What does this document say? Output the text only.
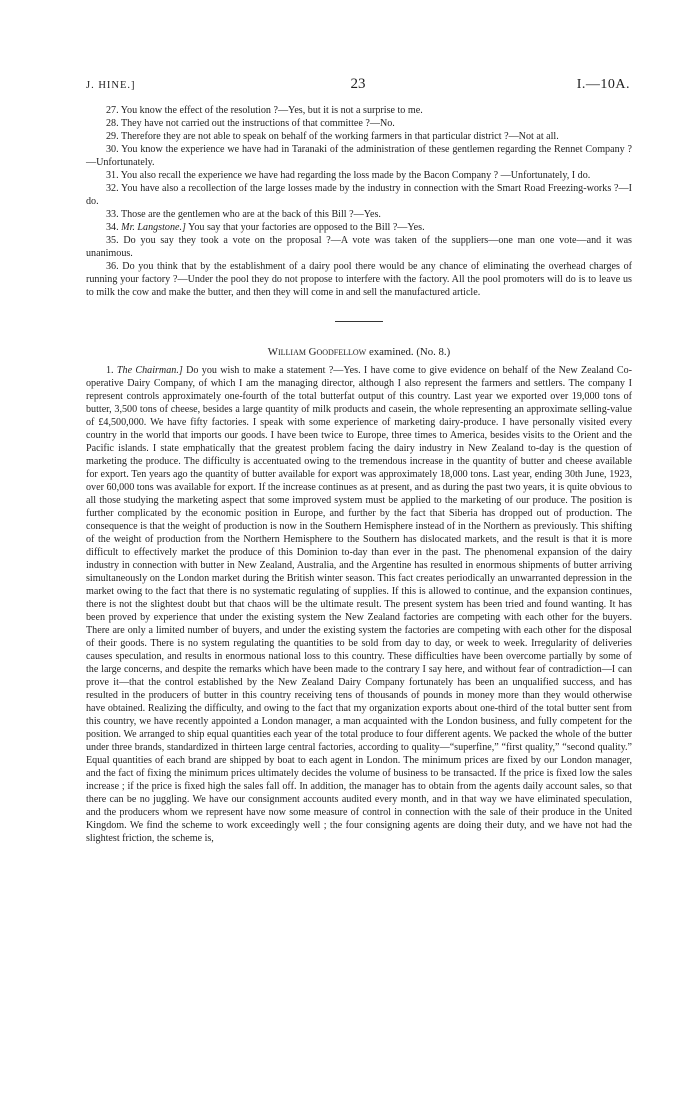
J. HINE.]	23	I.—10A.

27. You know the effect of the resolution ?—Yes, but it is not a surprise to me.

28. They have not carried out the instructions of that committee ?—No.

29. Therefore they are not able to speak on behalf of the working farmers in that particular district ?—Not at all.

30. You know the experience we have had in Taranaki of the administration of these gentlemen regarding the Rennet Company ?—Unfortunately.

31. You also recall the experience we have had regarding the loss made by the Bacon Company ? —Unfortunately, I do.

32. You have also a recollection of the large losses made by the industry in connection with the Smart Road Freezing-works ?—I do.

33. Those are the gentlemen who are at the back of this Bill ?—Yes.

34. Mr. Langstone.] You say that your factories are opposed to the Bill ?—Yes.

35. Do you say they took a vote on the proposal ?—A vote was taken of the suppliers—one man one vote—and it was unanimous.

36. Do you think that by the establishment of a dairy pool there would be any chance of eliminating the overhead charges of running your factory ?—Under the pool they do not propose to interfere with the factory. All the pool promoters will do is to leave us to milk the cow and make the butter, and then they will come in and sell the manufactured article.

William Goodfellow examined. (No. 8.)

1. The Chairman.] Do you wish to make a statement ?—Yes. I have come to give evidence on behalf of the New Zealand Co-operative Dairy Company, of which I am the managing director, although I also represent the farmers and settlers. The company I represent controls approximately one-fourth of the total butterfat output of this country. Last year we exported over 19,000 tons of butter, 3,500 tons of cheese, besides a large quantity of milk products and casein, the whole representing an approximate selling-value of £4,500,000. We have fifty factories. I speak with some experience of marketing dairy-produce. I have personally visited every country in the world that imports our goods. I have been twice to Europe, three times to America, besides visits to the Orient and the Pacific islands. I state emphatically that the greatest problem facing the dairy industry in New Zealand to-day is the question of marketing the produce. The difficulty is accentuated owing to the tremendous increase in the quantity of butter and cheese available for export. Ten years ago the quantity of butter available for export was approximately 18,000 tons. Last year, ending 30th June, 1923, over 60,000 tons was available for export. If the increase continues as at present, and as during the past two years, it is quite obvious to all those studying the marketing aspect that some improved system must be applied to the marketing of our produce. The position is further complicated by the economic position in Europe, and further by the fact that Siberia has dropped out of production. The consequence is that the weight of production is now in the Southern Hemisphere instead of in the Northern as previously. This shifting of the weight of production from the Northern Hemisphere to the Southern has dislocated markets, and the result is that it is more difficult to effectively market the produce of this Dominion to-day than ever in the past. The phenomenal expansion of the dairy industry in connection with butter in New Zealand, Australia, and the Argentine has resulted in enormous shipments of butter arriving simultaneously on the London market during the British winter season. This fact creates periodically an unwarranted depression in the market owing to the fact that there is no systematic regulating of supplies. If this is allowed to continue, and the expansion continues, there is not the slightest doubt but that chaos will be the ultimate result. The present system has been tried and found wanting. It has been proved by experience that under the existing system the New Zealand factories are competing with each other for the buyers. There are only a limited number of buyers, and under the existing system the factories are competing with each other for the disposal of their goods. There is no system regulating the quantities to be sold from day to day, or week to week. Irregularity of deliveries causes speculation, and results in enormous national loss to this country. These difficulties have been overcome partially by some of the large concerns, and despite the remarks which have been made to the contrary I say here, and without fear of contradiction—I can prove it—that the control established by the New Zealand Dairy Company fortunately has been an unqualified success, and has resulted in the producers of butter in this country receiving tens of thousands of pounds in money more than they would otherwise have obtained. Realizing the difficulty, and owing to the fact that my organization exports about one-third of the total butter sent from this country, we have recently appointed a London manager, a man acquainted with the London business, and fully competent for the position. We arranged to ship equal quantities each year of the total produce to four different agents. We packed the whole of the butter under three brands, standardized in thirteen large central factories, according to quality—“superfine,” “first quality,” “second quality.” Equal quantities of each brand are shipped by boat to each agent in London. The minimum prices are fixed by our London manager, and the fact of fixing the minimum prices ultimately decides the volume of business to be transacted. If the price is fixed low the sales increase ; if the price is fixed high the sales fall off. In addition, the manager has to obtain from the agents daily account sales, so that there can be no juggling. We have our consignment accounts audited every month, and in that way we have eliminated speculation, and the producers whom we represent have now some measure of control in connection with the sale of their produce in the United Kingdom. We find the scheme to work exceedingly well ; the four consigning agents are doing their duty, and we have not had the slightest friction, the scheme is,
